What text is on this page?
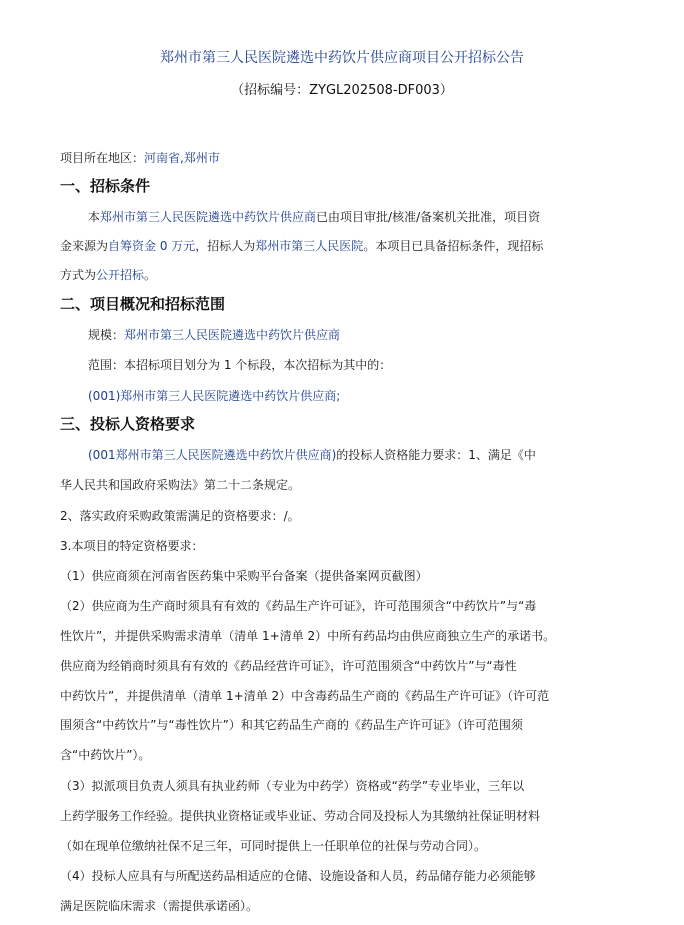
郑州市第三人民医院遴选中药饮片供应商项目公开招标公告
（招标编号：ZYGL202508-DF003）
项目所在地区：河南省,郑州市
一、招标条件
本郑州市第三人民医院遴选中药饮片供应商已由项目审批/核准/备案机关批准，项目资
金来源为自筹资金 0 万元，招标人为郑州市第三人民医院。本项目已具备招标条件，现招标
方式为公开招标。
二、项目概况和招标范围
规模：郑州市第三人民医院遴选中药饮片供应商
范围：本招标项目划分为 1 个标段，本次招标为其中的：
(001)郑州市第三人民医院遴选中药饮片供应商;
三、投标人资格要求
(001郑州市第三人民医院遴选中药饮片供应商)的投标人资格能力要求：1、满足《中
华人民共和国政府采购法》第二十二条规定。
2、落实政府采购政策需满足的资格要求：/。
3.本项目的特定资格要求：
（1）供应商须在河南省医药集中采购平台备案（提供备案网页截图）
（2）供应商为生产商时须具有有效的《药品生产许可证》，许可范围须含“中药饮片”与“毒
性饮片”，并提供采购需求清单（清单 1+清单 2）中所有药品均由供应商独立生产的承诺书。
供应商为经销商时须具有有效的《药品经营许可证》，许可范围须含“中药饮片”与“毒性
中药饮片”，并提供清单（清单 1+清单 2）中含毒药品生产商的《药品生产许可证》（许可范
围须含“中药饮片”与“毒性饮片”）和其它药品生产商的《药品生产许可证》（许可范围须
含“中药饮片”）。
（3）拟派项目负责人须具有执业药师（专业为中药学）资格或“药学”专业毕业，三年以
上药学服务工作经验。提供执业资格证或毕业证、劳动合同及投标人为其缴纳社保证明材料
（如在现单位缴纳社保不足三年，可同时提供上一任职单位的社保与劳动合同）。
（4）投标人应具有与所配送药品相适应的仓储、设施设备和人员，药品储存能力必须能够
满足医院临床需求（需提供承诺函）。
